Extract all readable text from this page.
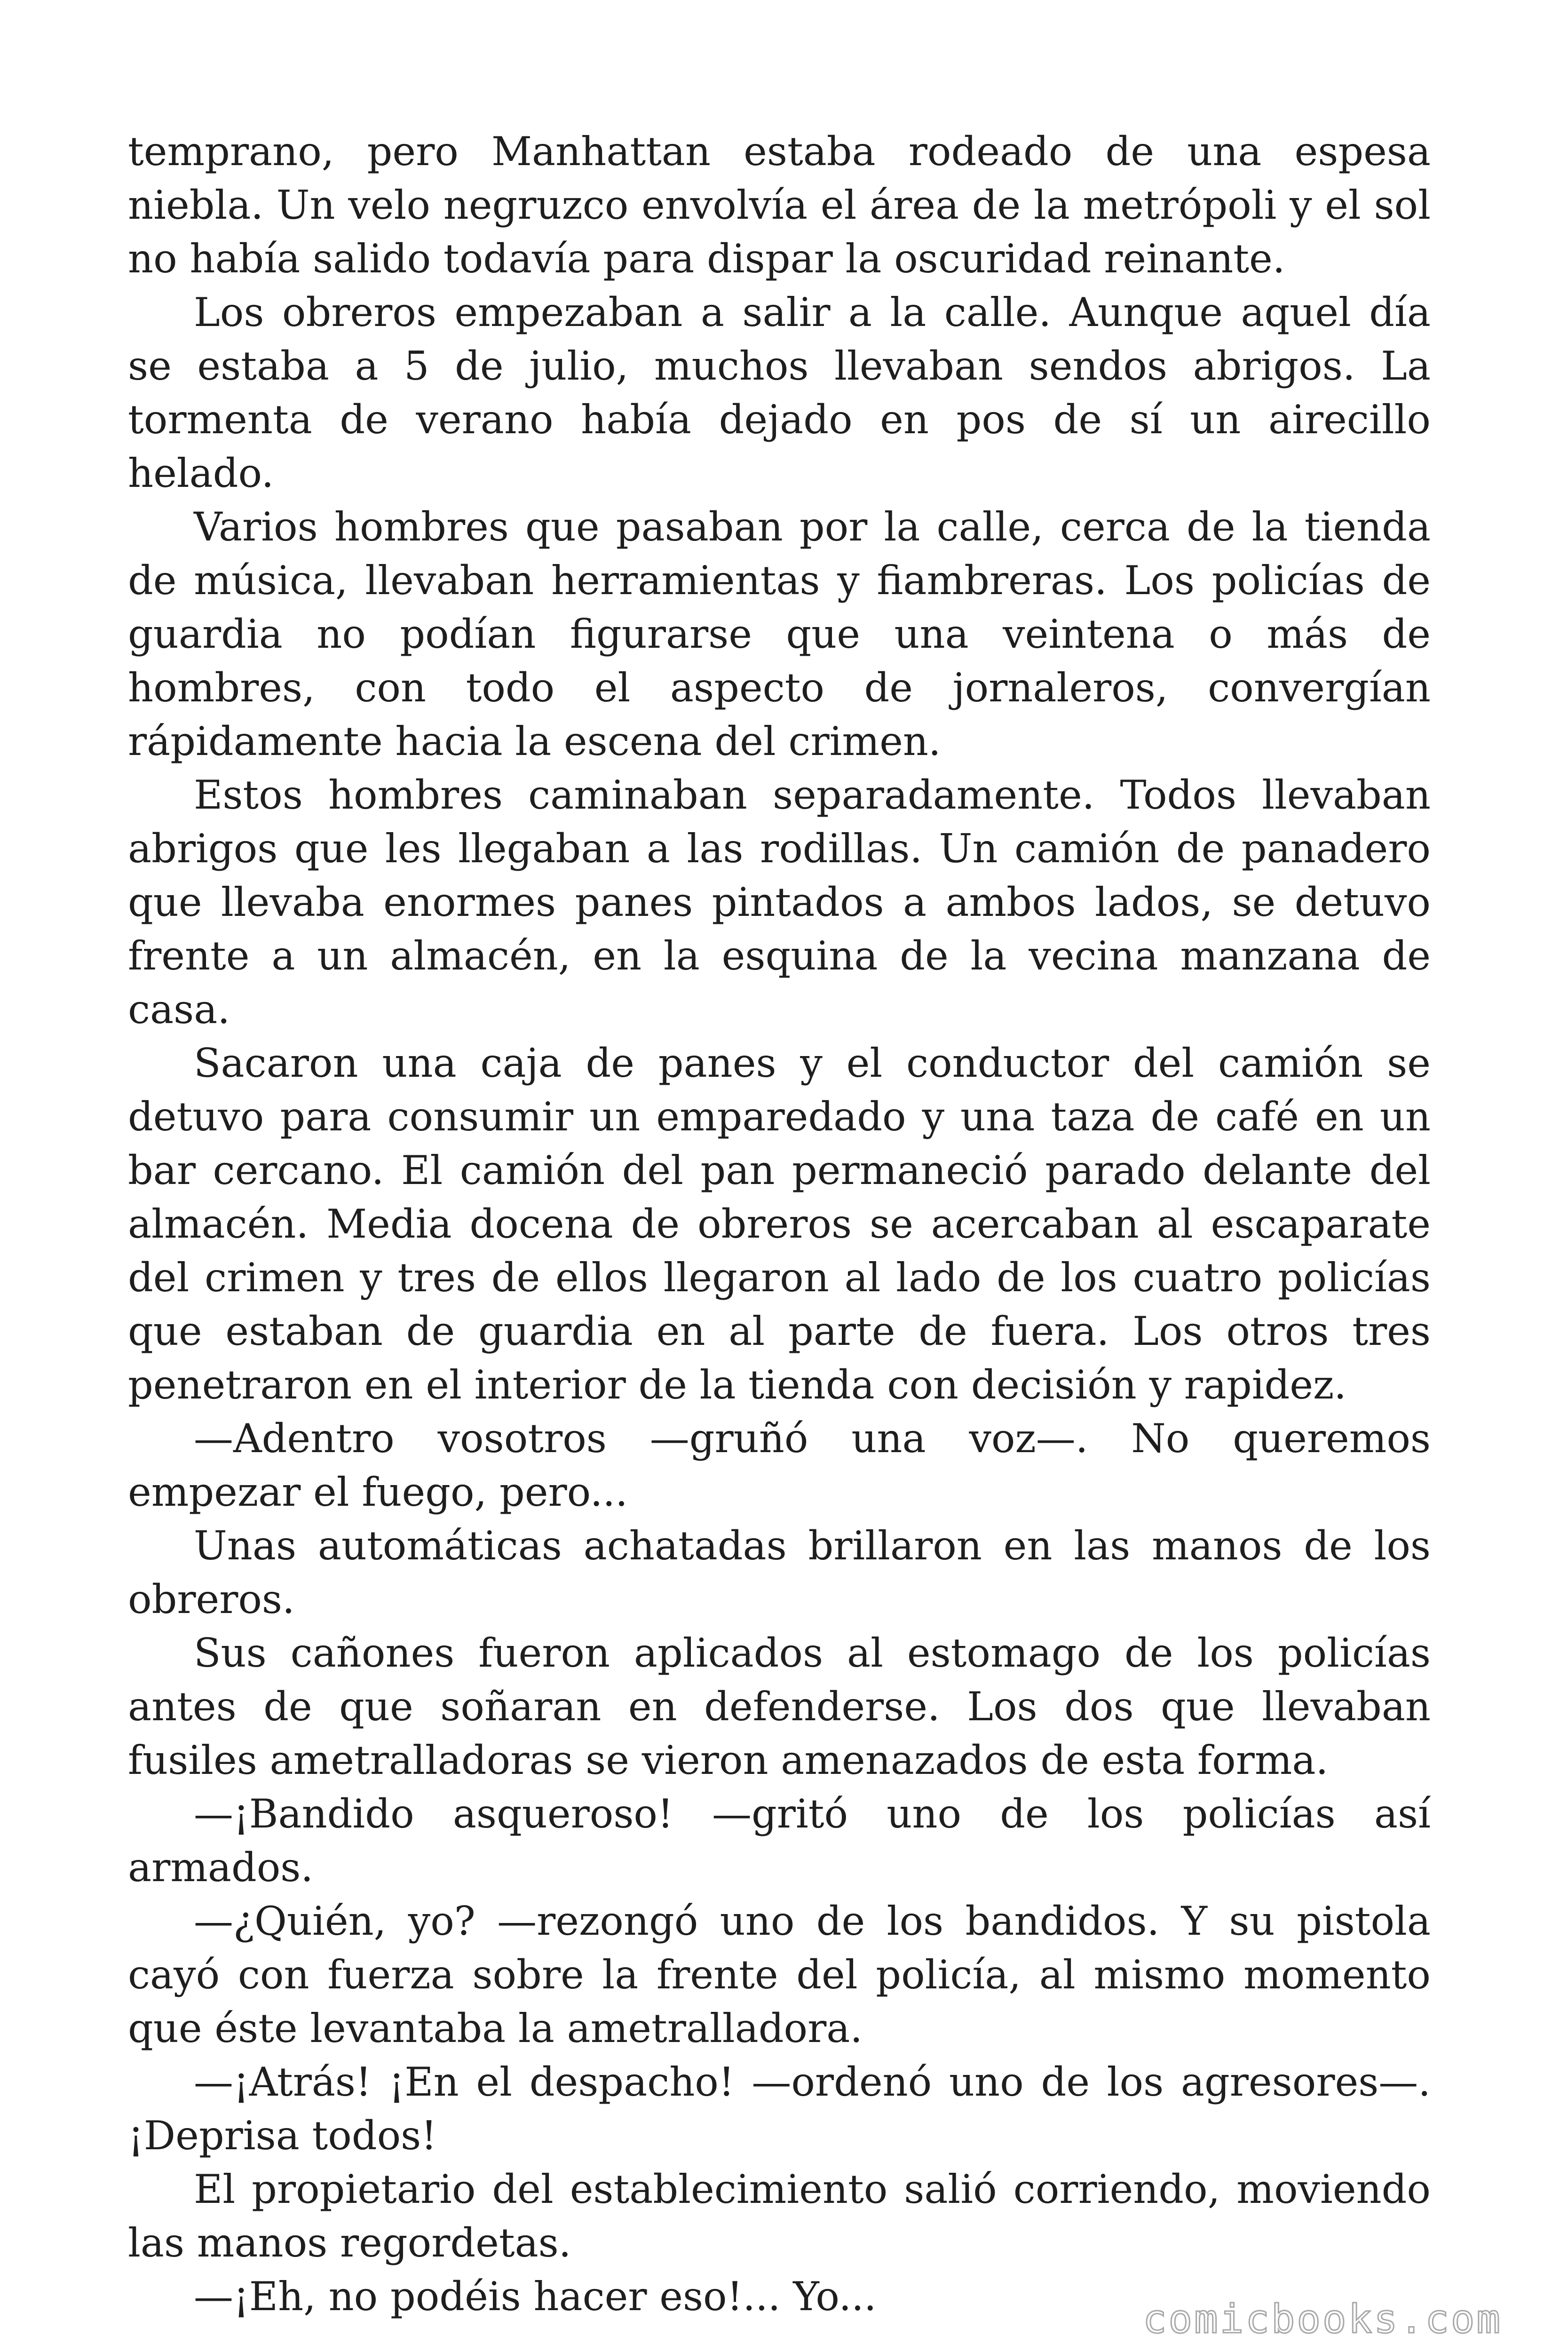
temprano, pero Manhattan estaba rodeado de una espesa niebla. Un velo negruzco envolvía el área de la metrópoli y el sol no había salido todavía para dispar la oscuridad reinante.

Los obreros empezaban a salir a la calle. Aunque aquel día se estaba a 5 de julio, muchos llevaban sendos abrigos. La tormenta de verano había dejado en pos de sí un airecillo helado.

Varios hombres que pasaban por la calle, cerca de la tienda de música, llevaban herramientas y fiambreras. Los policías de guardia no podían figurarse que una veintena o más de hombres, con todo el aspecto de jornaleros, convergían rápidamente hacia la escena del crimen.

Estos hombres caminaban separadamente. Todos llevaban abrigos que les llegaban a las rodillas. Un camión de panadero que llevaba enormes panes pintados a ambos lados, se detuvo frente a un almacén, en la esquina de la vecina manzana de casa.

Sacaron una caja de panes y el conductor del camión se detuvo para consumir un emparedado y una taza de café en un bar cercano. El camión del pan permaneció parado delante del almacén. Media docena de obreros se acercaban al escaparate del crimen y tres de ellos llegaron al lado de los cuatro policías que estaban de guardia en al parte de fuera. Los otros tres penetraron en el interior de la tienda con decisión y rapidez.

—Adentro vosotros —gruñó una voz—. No queremos empezar el fuego, pero...

Unas automáticas achatadas brillaron en las manos de los obreros.

Sus cañones fueron aplicados al estomago de los policías antes de que soñaran en defenderse. Los dos que llevaban fusiles ametralladoras se vieron amenazados de esta forma.

—¡Bandido asqueroso! —gritó uno de los policías así armados.

—¿Quién, yo? —rezongó uno de los bandidos. Y su pistola cayó con fuerza sobre la frente del policía, al mismo momento que éste levantaba la ametralladora.

—¡Atrás! ¡En el despacho! —ordenó uno de los agresores—. ¡Deprisa todos!

El propietario del establecimiento salió corriendo, moviendo las manos regordetas.

—¡Eh, no podéis hacer eso!... Yo...	comicbooks.com
